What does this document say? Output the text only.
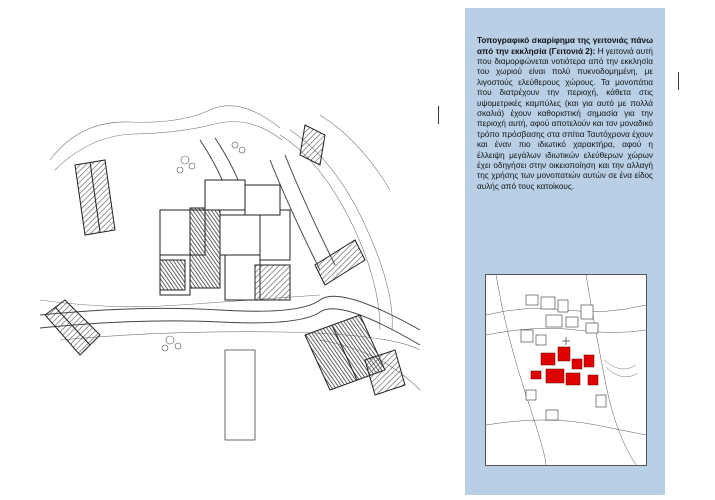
Τοπογραφικό σκαρίφημα της γειτονιάς πάνω από την εκκλησία (Γειτονιά 2): Η γειτονιά αυτή που διαμορφώνεται νοτιότερα από την εκκλησία του χωριού είναι πολύ πυκνοδομημένη, με λιγοστούς ελεύθερους χώρους. Τα μονοπάτια που διατρέχουν την περιοχή, κάθετα στις υψομετρικές καμπύλες (και για αυτό με πολλά σκαλιά) έχουν καθοριστική σημασία για την περιοχή αυτή, αφού αποτελούν και τον μοναδικό τρόπο πρόσβασης στα σπίτια Ταυτόχρονα έχουν και έναν πιο ιδιωτικό χαρακτήρα, αφού η έλλειψη μεγάλων ιδιωτικών ελεύθερων χώρων έχει οδηγήσει στην οικειοποίηση και την αλλαγή της χρήσης των μονοπατιών αυτών σε ένα είδος αυλής από τους κατοίκους.
